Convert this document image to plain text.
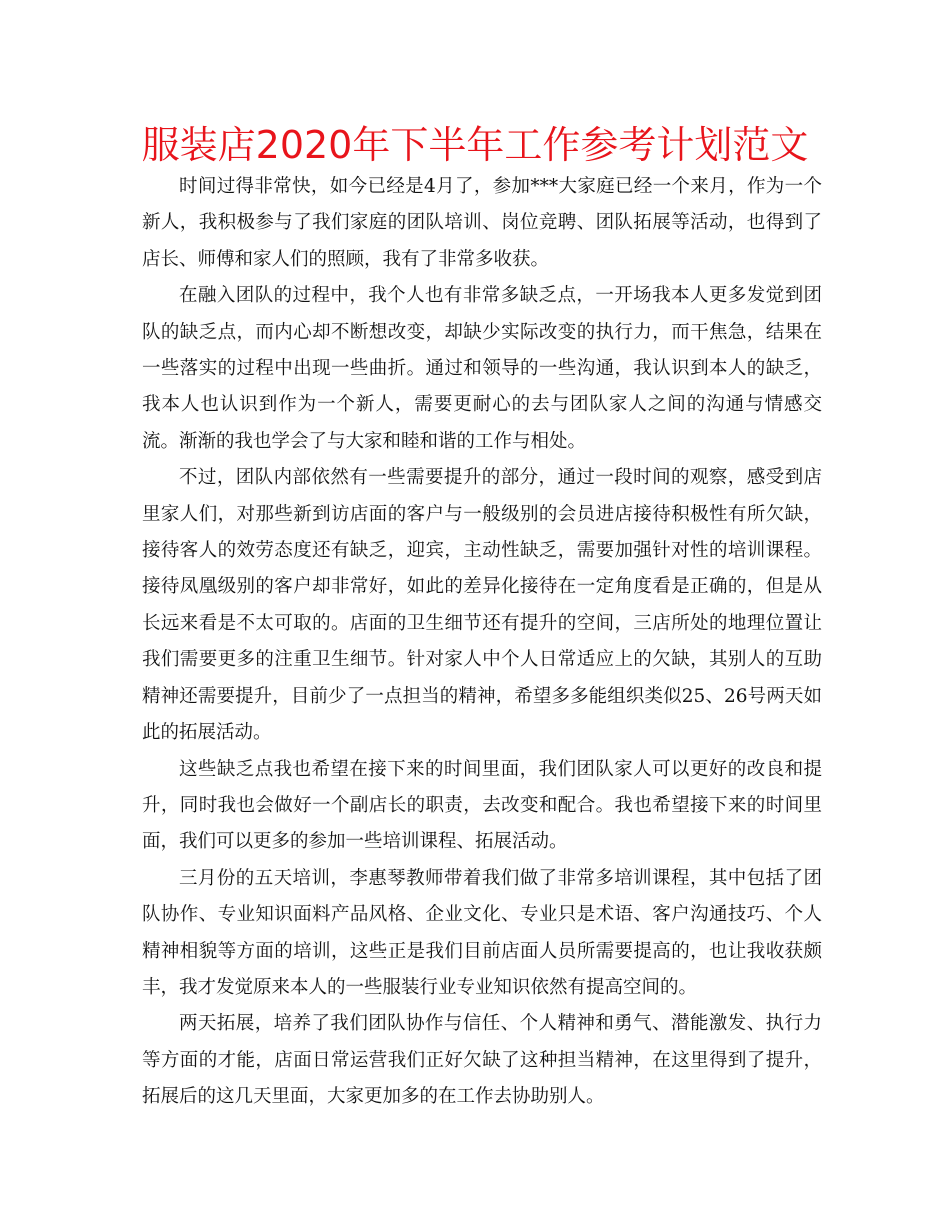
服装店2020年下半年工作参考计划范文

时间过得非常快，如今已经是4月了，参加***大家庭已经一个来月，作为一个新人，我积极参与了我们家庭的团队培训、岗位竞聘、团队拓展等活动，也得到了店长、师傅和家人们的照顾，我有了非常多收获。

在融入团队的过程中，我个人也有非常多缺乏点，一开场我本人更多发觉到团队的缺乏点，而内心却不断想改变，却缺少实际改变的执行力，而干焦急，结果在一些落实的过程中出现一些曲折。通过和领导的一些沟通，我认识到本人的缺乏，我本人也认识到作为一个新人，需要更耐心的去与团队家人之间的沟通与情感交流。渐渐的我也学会了与大家和睦和谐的工作与相处。

不过，团队内部依然有一些需要提升的部分，通过一段时间的观察，感受到店里家人们，对那些新到访店面的客户与一般级别的会员进店接待积极性有所欠缺，接待客人的效劳态度还有缺乏，迎宾，主动性缺乏，需要加强针对性的培训课程。接待凤凰级别的客户却非常好，如此的差异化接待在一定角度看是正确的，但是从长远来看是不太可取的。店面的卫生细节还有提升的空间，三店所处的地理位置让我们需要更多的注重卫生细节。针对家人中个人日常适应上的欠缺，其别人的互助精神还需要提升，目前少了一点担当的精神，希望多多能组织类似25、26号两天如此的拓展活动。

这些缺乏点我也希望在接下来的时间里面，我们团队家人可以更好的改良和提升，同时我也会做好一个副店长的职责，去改变和配合。我也希望接下来的时间里面，我们可以更多的参加一些培训课程、拓展活动。

三月份的五天培训，李惠琴教师带着我们做了非常多培训课程，其中包括了团队协作、专业知识面料产品风格、企业文化、专业只是术语、客户沟通技巧、个人精神相貌等方面的培训，这些正是我们目前店面人员所需要提高的，也让我收获颇丰，我才发觉原来本人的一些服装行业专业知识依然有提高空间的。

两天拓展，培养了我们团队协作与信任、个人精神和勇气、潜能激发、执行力等方面的才能，店面日常运营我们正好欠缺了这种担当精神，在这里得到了提升，拓展后的这几天里面，大家更加多的在工作去协助别人。
